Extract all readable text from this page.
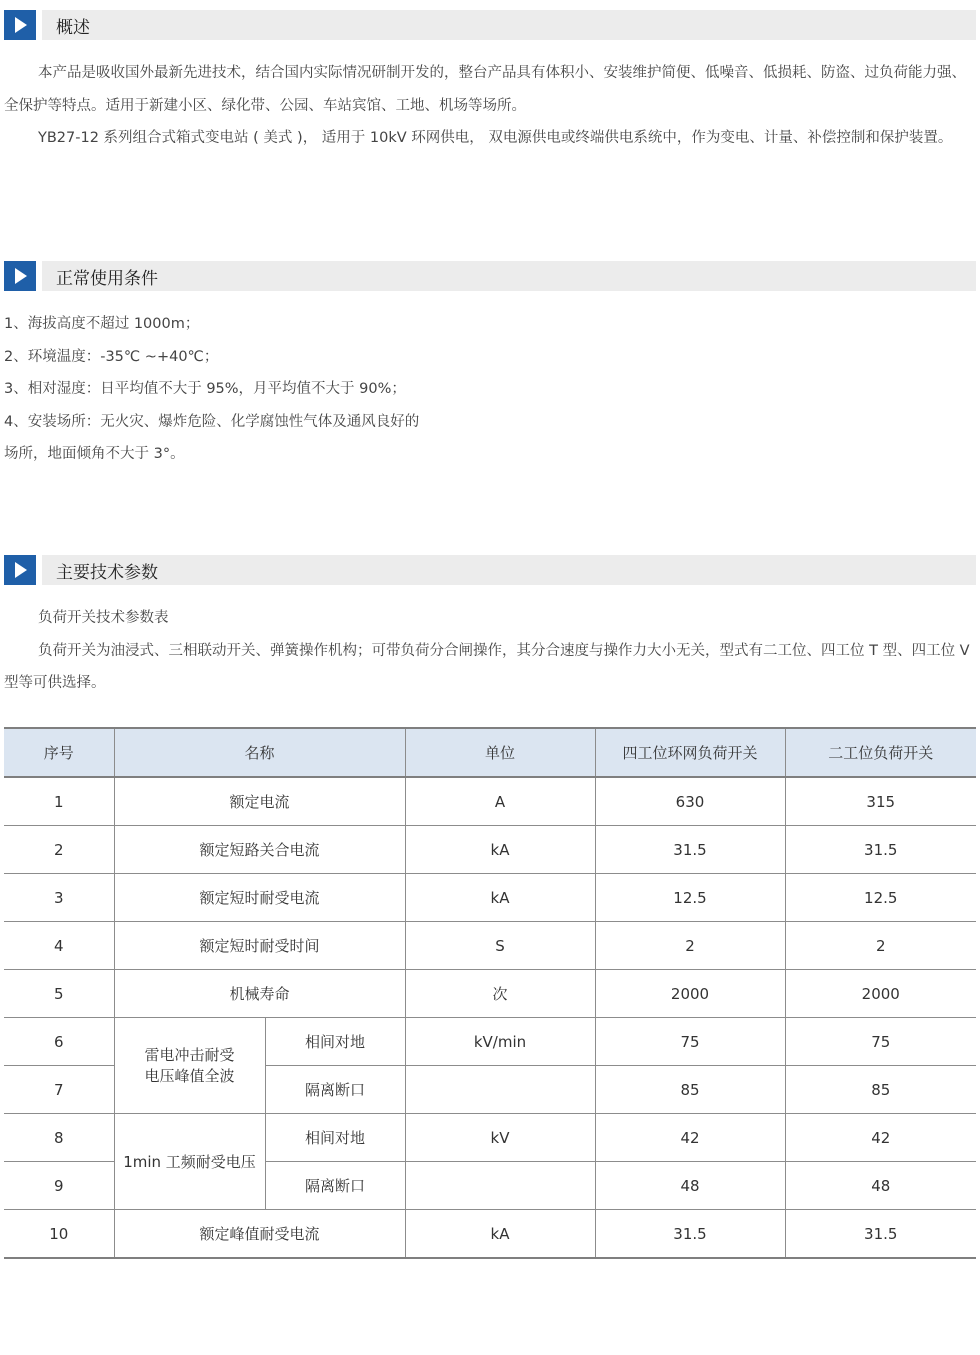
概述

本产品是吸收国外最新先进技术，结合国内实际情况研制开发的，整台产品具有体积小、安装维护简便、低噪音、低损耗、防盗、过负荷能力强、全保护等特点。适用于新建小区、绿化带、公园、车站宾馆、工地、机场等场所。

YB27-12 系列组合式箱式变电站 ( 美式 )， 适用于 10kV 环网供电， 双电源供电或终端供电系统中，作为变电、计量、补偿控制和保护装置。

正常使用条件

1、海拔高度不超过 1000m；

2、环境温度：-35℃ ~+40℃；

3、相对湿度：日平均值不大于 95%，月平均值不大于 90%；

4、安装场所：无火灾、爆炸危险、化学腐蚀性气体及通风良好的

场所，地面倾角不大于 3°。

主要技术参数

负荷开关技术参数表

负荷开关为油浸式、三相联动开关、弹簧操作机构；可带负荷分合闸操作，其分合速度与操作力大小无关，型式有二工位、四工位 T 型、四工位 V 型等可供选择。

序号	名称		单位	四工位环网负荷开关	二工位负荷开关
1	额定电流		A	630	315
2	额定短路关合电流		kA	31.5	31.5
3	额定短时耐受电流		kA	12.5	12.5
4	额定短时耐受时间		S	2	2
5	机械寿命		次	2000	2000
6	雷电冲击耐受
电压峰值全波	相间对地	kV/min	75	75
7		隔离断口		85	85
8	1min 工频耐受电压	相间对地	kV	42	42
9		隔离断口		48	48
10	额定峰值耐受电流		kA	31.5	31.5
